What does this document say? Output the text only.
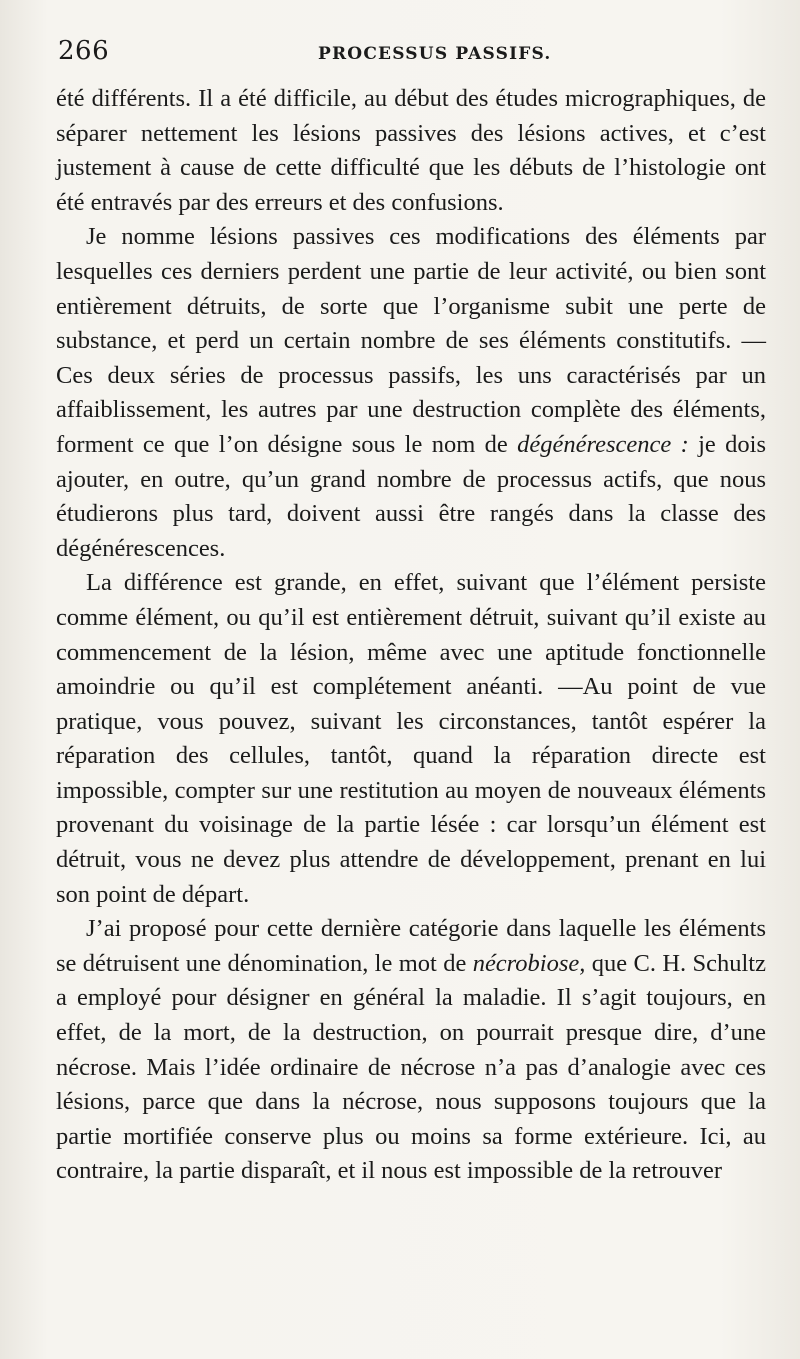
266	PROCESSUS PASSIFS.

été différents. Il a été difficile, au début des études micrographiques, de séparer nettement les lésions passives des lésions actives, et c’est justement à cause de cette difficulté que les débuts de l’histologie ont été entravés par des erreurs et des confusions.

Je nomme lésions passives ces modifications des éléments par lesquelles ces derniers perdent une partie de leur activité, ou bien sont entièrement détruits, de sorte que l’organisme subit une perte de substance, et perd un certain nombre de ses éléments constitutifs. — Ces deux séries de processus passifs, les uns caractérisés par un affaiblissement, les autres par une destruction complète des éléments, forment ce que l’on désigne sous le nom de dégénérescence : je dois ajouter, en outre, qu’un grand nombre de processus actifs, que nous étudierons plus tard, doivent aussi être rangés dans la classe des dégénérescences.

La différence est grande, en effet, suivant que l’élément persiste comme élément, ou qu’il est entièrement détruit, suivant qu’il existe au commencement de la lésion, même avec une aptitude fonctionnelle amoindrie ou qu’il est complétement anéanti. —Au point de vue pratique, vous pouvez, suivant les circonstances, tantôt espérer la réparation des cellules, tantôt, quand la réparation directe est impossible, compter sur une restitution au moyen de nouveaux éléments provenant du voisinage de la partie lésée : car lorsqu’un élément est détruit, vous ne devez plus attendre de développement, prenant en lui son point de départ.

J’ai proposé pour cette dernière catégorie dans laquelle les éléments se détruisent une dénomination, le mot de nécrobiose, que C. H. Schultz a employé pour désigner en général la maladie. Il s’agit toujours, en effet, de la mort, de la destruction, on pourrait presque dire, d’une nécrose. Mais l’idée ordinaire de nécrose n’a pas d’analogie avec ces lésions, parce que dans la nécrose, nous supposons toujours que la partie mortifiée conserve plus ou moins sa forme extérieure. Ici, au contraire, la partie disparaît, et il nous est impossible de la retrouver
